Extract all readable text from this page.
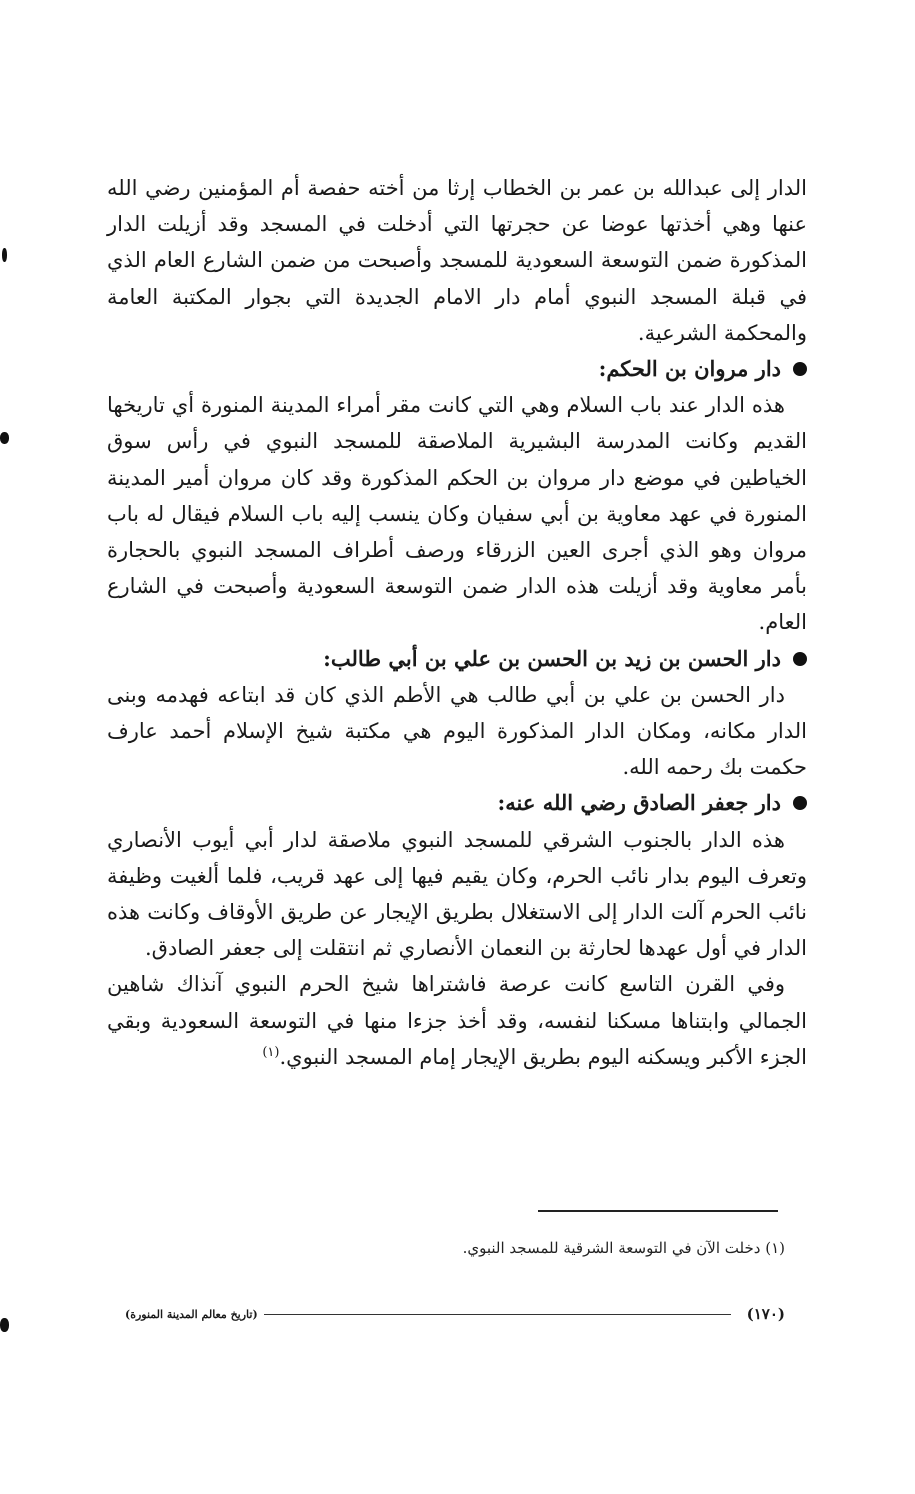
الدار إلى عبدالله بن عمر بن الخطاب إرثا من أخته حفصة أم المؤمنين رضي الله عنها وهي أخذتها عوضا عن حجرتها التي أدخلت في المسجد وقد أزيلت الدار المذكورة ضمن التوسعة السعودية للمسجد وأصبحت من ضمن الشارع العام الذي في قبلة المسجد النبوي أمام دار الامام الجديدة التي بجوار المكتبة العامة والمحكمة الشرعية.

دار مروان بن الحكم:

هذه الدار عند باب السلام وهي التي كانت مقر أمراء المدينة المنورة أي تاريخها القديم وكانت المدرسة البشيرية الملاصقة للمسجد النبوي في رأس سوق الخياطين في موضع دار مروان بن الحكم المذكورة وقد كان مروان أمير المدينة المنورة في عهد معاوية بن أبي سفيان وكان ينسب إليه باب السلام فيقال له باب مروان وهو الذي أجرى العين الزرقاء ورصف أطراف المسجد النبوي بالحجارة بأمر معاوية وقد أزيلت هذه الدار ضمن التوسعة السعودية وأصبحت في الشارع العام.

دار الحسن بن زيد بن الحسن بن علي بن أبي طالب:

دار الحسن بن علي بن أبي طالب هي الأطم الذي كان قد ابتاعه فهدمه وبنى الدار مكانه، ومكان الدار المذكورة اليوم هي مكتبة شيخ الإسلام أحمد عارف حكمت بك رحمه الله.

دار جعفر الصادق رضي الله عنه:

هذه الدار بالجنوب الشرقي للمسجد النبوي ملاصقة لدار أبي أيوب الأنصاري وتعرف اليوم بدار نائب الحرم، وكان يقيم فيها إلى عهد قريب، فلما ألغيت وظيفة نائب الحرم آلت الدار إلى الاستغلال بطريق الإيجار عن طريق الأوقاف وكانت هذه الدار في أول عهدها لحارثة بن النعمان الأنصاري ثم انتقلت إلى جعفر الصادق.

وفي القرن التاسع كانت عرصة فاشتراها شيخ الحرم النبوي آنذاك شاهين الجمالي وابتناها مسكنا لنفسه، وقد أخذ جزءا منها في التوسعة السعودية وبقي الجزء الأكبر ويسكنه اليوم بطريق الإيجار إمام المسجد النبوي.$^{(١)}$

(١) دخلت الآن في التوسعة الشرقية للمسجد النبوي.
(١٧٠)
(تاريخ معالم المدينة المنورة)
